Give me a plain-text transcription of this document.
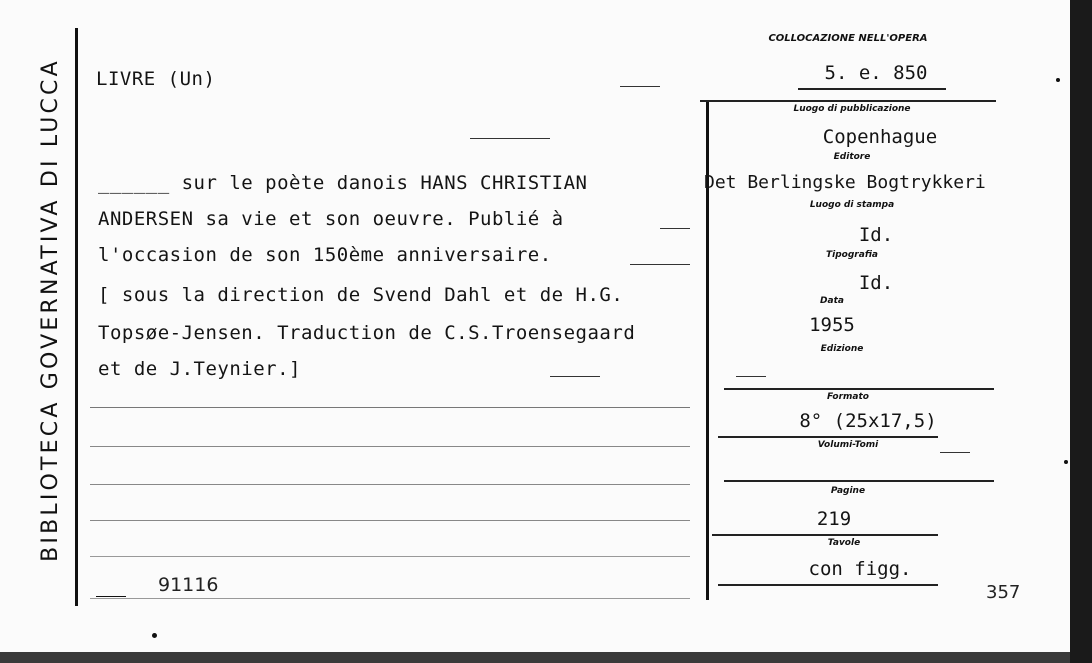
BIBLIOTECA GOVERNATIVA DI LUCCA LIVRE (Un)
______ sur le poète danois HANS CHRISTIAN
ANDERSEN sa vie et son oeuvre. Publié à
l'occasion de son 150ème anniversaire.
[ sous la direction de Svend Dahl et de H.G.
Topsøe-Jensen. Traduction de C.S.Troensegaard
et de J.Teynier.]
91116
COLLOCAZIONE NELL'OPERA
5. e. 850
Luogo di pubblicazione
Copenhague
Editore
Det Berlingske Bogtrykkeri
Luogo di stampa
Id.
Tipografia
Id.
Data
1955
Edizione
Formato
8° (25x17,5)
Volumi-Tomi
Pagine
219
Tavole
con figg.
357
